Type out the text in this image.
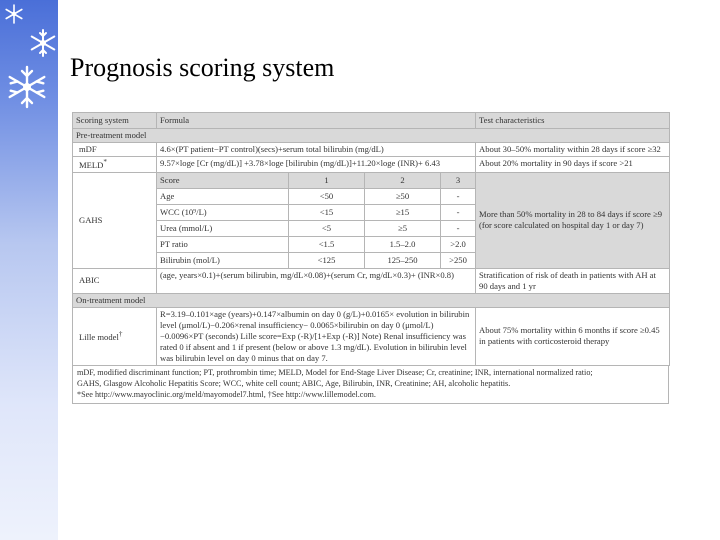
Prognosis scoring system
Scoring system	Formula				Test characteristics
Pre-treatment model					
mDF	4.6×(PT patient−PT control)(secs)+serum total bilirubin (mg/dL)				About 30–50% mortality within 28 days if score ≥32
MELD*	9.57×loge [Cr (mg/dL)] +3.78×loge [bilirubin (mg/dL)]+11.20×loge (INR)+ 6.43				About 20% mortality in 90 days if score >21
GAHS	Score	1	2	3	More than 50% mortality in 28 to 84 days if score ≥9 (for score calculated on hospital day 1 or day 7)
	Age	<50	≥50	-	
	WCC (10⁹/L)	<15	≥15	-	
	Urea (mmol/L)	<5	≥5	-	
	PT ratio	<1.5	1.5–2.0	>2.0	
	Bilirubin (mol/L)	<125	125–250	>250	
ABIC	(age, years×0.1)+(serum bilirubin, mg/dL×0.08)+(serum Cr, mg/dL×0.3)+ (INR×0.8)				Stratification of risk of death in patients with AH at 90 days and 1 yr
On-treatment model					
Lille model†	R=3.19–0.101×age (years)+0.147×albumin on day 0 (g/L)+0.0165× evolution in bilirubin level (μmol/L)−0.206×renal insufficiency− 0.0065×bilirubin on day 0 (μmol/L)−0.0096×PT (seconds) Lille score=Exp (-R)/[1+Exp (-R)] Note) Renal insufficiency was rated 0 if absent and 1 if present (below or above 1.3 mg/dL). Evolution in bilirubin level was bilirubin level on day 0 minus that on day 7.				About 75% mortality within 6 months if score ≥0.45 in patients with corticosteroid therapy
mDF, modified discriminant function; PT, prothrombin time; MELD, Model for End-Stage Liver Disease; Cr, creatinine; INR, international normalized ratio;
GAHS, Glasgow Alcoholic Hepatitis Score; WCC, white cell count; ABIC, Age, Bilirubin, INR, Creatinine; AH, alcoholic hepatitis.
*See http://www.mayoclinic.org/meld/mayomodel7.html, †See http://www.lillemodel.com.
